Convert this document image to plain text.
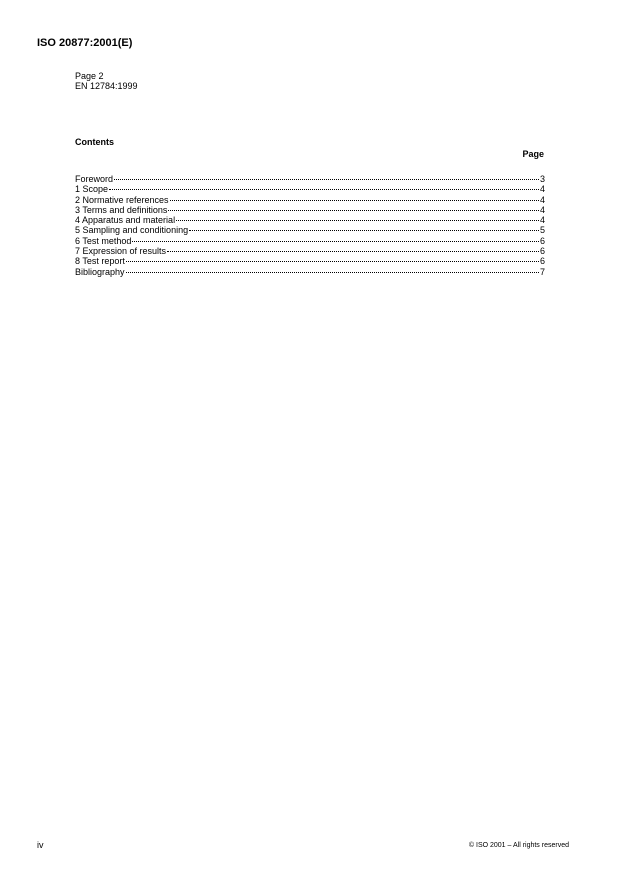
ISO 20877:2001(E)
Page 2
EN 12784:1999
Contents
Page
Foreword	3
1 Scope	4
2 Normative references	4
3 Terms and definitions	4
4 Apparatus and material	4
5 Sampling and conditioning	5
6 Test method	6
7 Expression of results	6
8 Test report	6
Bibliography	7
iv	© ISO 2001 – All rights reserved
